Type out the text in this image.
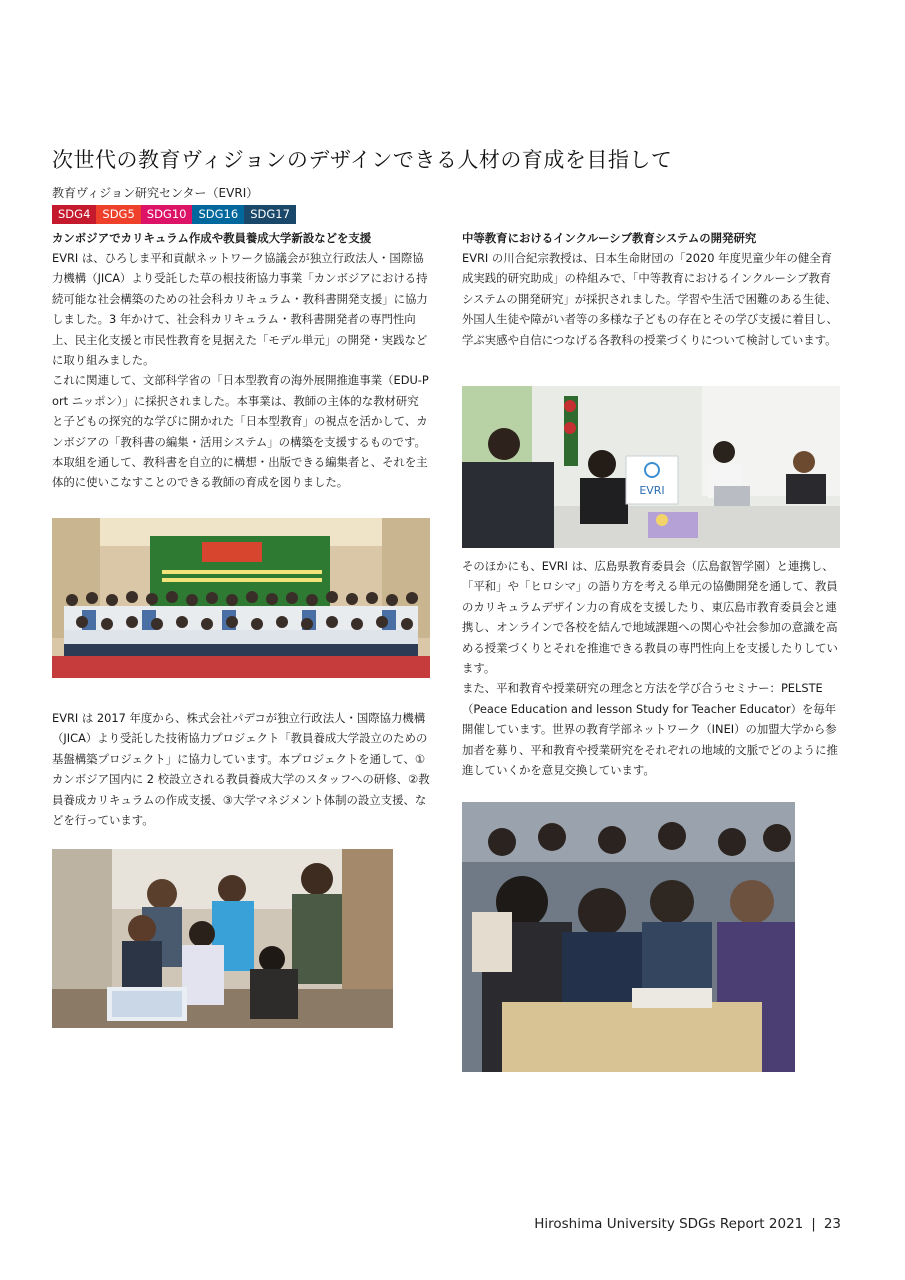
次世代の教育ヴィジョンのデザインできる人材の育成を目指して
教育ヴィジョン研究センター（EVRI）
SDG4	SDG5	SDG10	SDG16	SDG17

カンボジアでカリキュラム作成や教員養成大学新設などを支援

EVRI は、ひろしま平和貢献ネットワーク協議会が独立行政法人・国際協力機構（JICA）より受託した草の根技術協力事業「カンボジアにおける持続可能な社会構築のための社会科カリキュラム・教科書開発支援」に協力しました。3 年かけて、社会科カリキュラム・教科書開発者の専門性向上、民主化支援と市民性教育を見据えた「モデル単元」の開発・実践などに取り組みました。

これに関連して、文部科学省の「日本型教育の海外展開推進事業（EDU-Port ニッポン）」に採択されました。本事業は、教師の主体的な教材研究と子どもの探究的な学びに開かれた「日本型教育」の視点を活かして、カンボジアの「教科書の編集・活用システム」の構築を支援するものです。本取組を通して、教科書を自立的に構想・出版できる編集者と、それを主体的に使いこなすことのできる教師の育成を図りました。

EVRI は 2017 年度から、株式会社パデコが独立行政法人・国際協力機構（JICA）より受託した技術協力プロジェクト「教員養成大学設立のための基盤構築プロジェクト」に協力しています。本プロジェクトを通して、①カンボジア国内に 2 校設立される教員養成大学のスタッフへの研修、②教員養成カリキュラムの作成支援、③大学マネジメント体制の設立支援、などを行っています。

中等教育におけるインクルーシブ教育システムの開発研究

EVRI の川合紀宗教授は、日本生命財団の「2020 年度児童少年の健全育成実践的研究助成」の枠組みで、「中等教育におけるインクルーシブ教育システムの開発研究」が採択されました。学習や生活で困難のある生徒、外国人生徒や障がい者等の多様な子どもの存在とその学び支援に着目し、学ぶ実感や自信につなげる各教科の授業づくりについて検討しています。

EVRI

そのほかにも、EVRI は、広島県教育委員会（広島叡智学園）と連携し、「平和」や「ヒロシマ」の語り方を考える単元の協働開発を通して、教員のカリキュラムデザイン力の育成を支援したり、東広島市教育委員会と連携し、オンラインで各校を結んで地域課題への関心や社会参加の意識を高める授業づくりとそれを推進できる教員の専門性向上を支援したりしています。

また、平和教育や授業研究の理念と方法を学び合うセミナー：PELSTE（Peace Education and lesson Study for Teacher Educator）を毎年開催しています。世界の教育学部ネットワーク（INEI）の加盟大学から参加者を募り、平和教育や授業研究をそれぞれの地域的文脈でどのように推進していくかを意見交換しています。

Hiroshima University SDGs Report 2021 | 23
